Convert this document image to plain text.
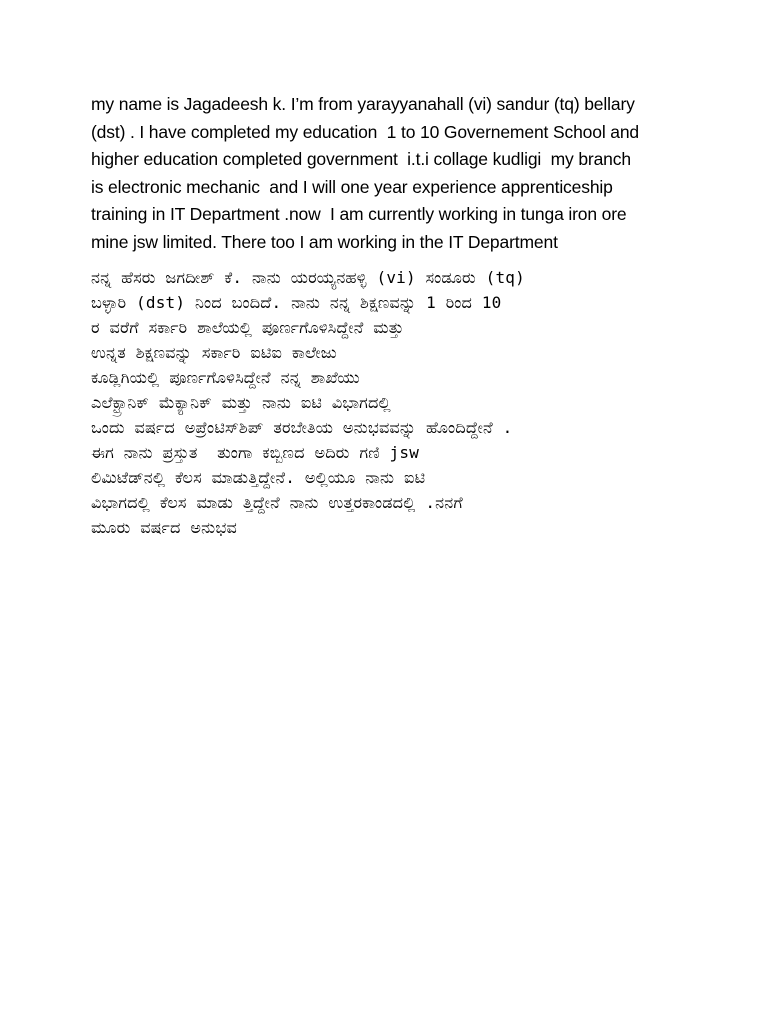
my name is Jagadeesh k. I’m from yarayyanahall (vi) sandur (tq) bellary

(dst) . I have completed my education  1 to 10 Governement School and

higher education completed government  i.t.i collage kudligi  my branch

is electronic mechanic  and I will one year experience apprenticeship

training in IT Department .now  I am currently working in tunga iron ore

mine jsw limited. There too I am working in the IT Department

ನನ್ನ ಹೆಸರು ಜಗದೀಶ್ ಕೆ. ನಾನು ಯರಯ್ಯನಹಳ್ಳಿ (vi) ಸಂಡೂರು (tq)

ಬಳ್ಳಾರಿ (dst) ನಿಂದ ಬಂದಿದೆ. ನಾನು ನನ್ನ ಶಿಕ್ಷಣವನ್ನು 1 ರಿಂದ 10

ರ ವರೆಗೆ ಸರ್ಕಾರಿ ಶಾಲೆಯಲ್ಲಿ ಪೂರ್ಣಗೊಳಿಸಿದ್ದೇನೆ ಮತ್ತು

ಉನ್ನತ ಶಿಕ್ಷಣವನ್ನು ಸರ್ಕಾರಿ ಐಟಿಐ ಕಾಲೇಜು

ಕೂಡ್ಲಿಗಿಯಲ್ಲಿ ಪೂರ್ಣಗೊಳಿಸಿದ್ದೇನೆ ನನ್ನ ಶಾಖೆಯು

ಎಲೆಕ್ಟ್ರಾನಿಕ್ ಮೆಕ್ಯಾನಿಕ್ ಮತ್ತು ನಾನು ಐಟಿ ವಿಭಾಗದಲ್ಲಿ

ಒಂದು ವರ್ಷದ ಅಪ್ರೆಂಟಿಸ್‌ಶಿಪ್ ತರಬೇತಿಯ ಅನುಭವವನ್ನು ಹೊಂದಿದ್ದೇನೆ .

ಈಗ ನಾನು ಪ್ರಸ್ತುತ  ತುಂಗಾ ಕಬ್ಬಿಣದ ಅದಿರು ಗಣಿ jsw

ಲಿಮಿಟೆಡ್‌ನಲ್ಲಿ ಕೆಲಸ ಮಾಡುತ್ತಿದ್ದೇನೆ. ಅಲ್ಲಿಯೂ ನಾನು ಐಟಿ

ವಿಭಾಗದಲ್ಲಿ ಕೆಲಸ ಮಾಡು ತ್ತಿದ್ದೇನೆ ನಾನು ಉತ್ತರಕಾಂಡದಲ್ಲಿ .ನನಗೆ

ಮೂರು ವರ್ಷದ ಅನುಭವ
